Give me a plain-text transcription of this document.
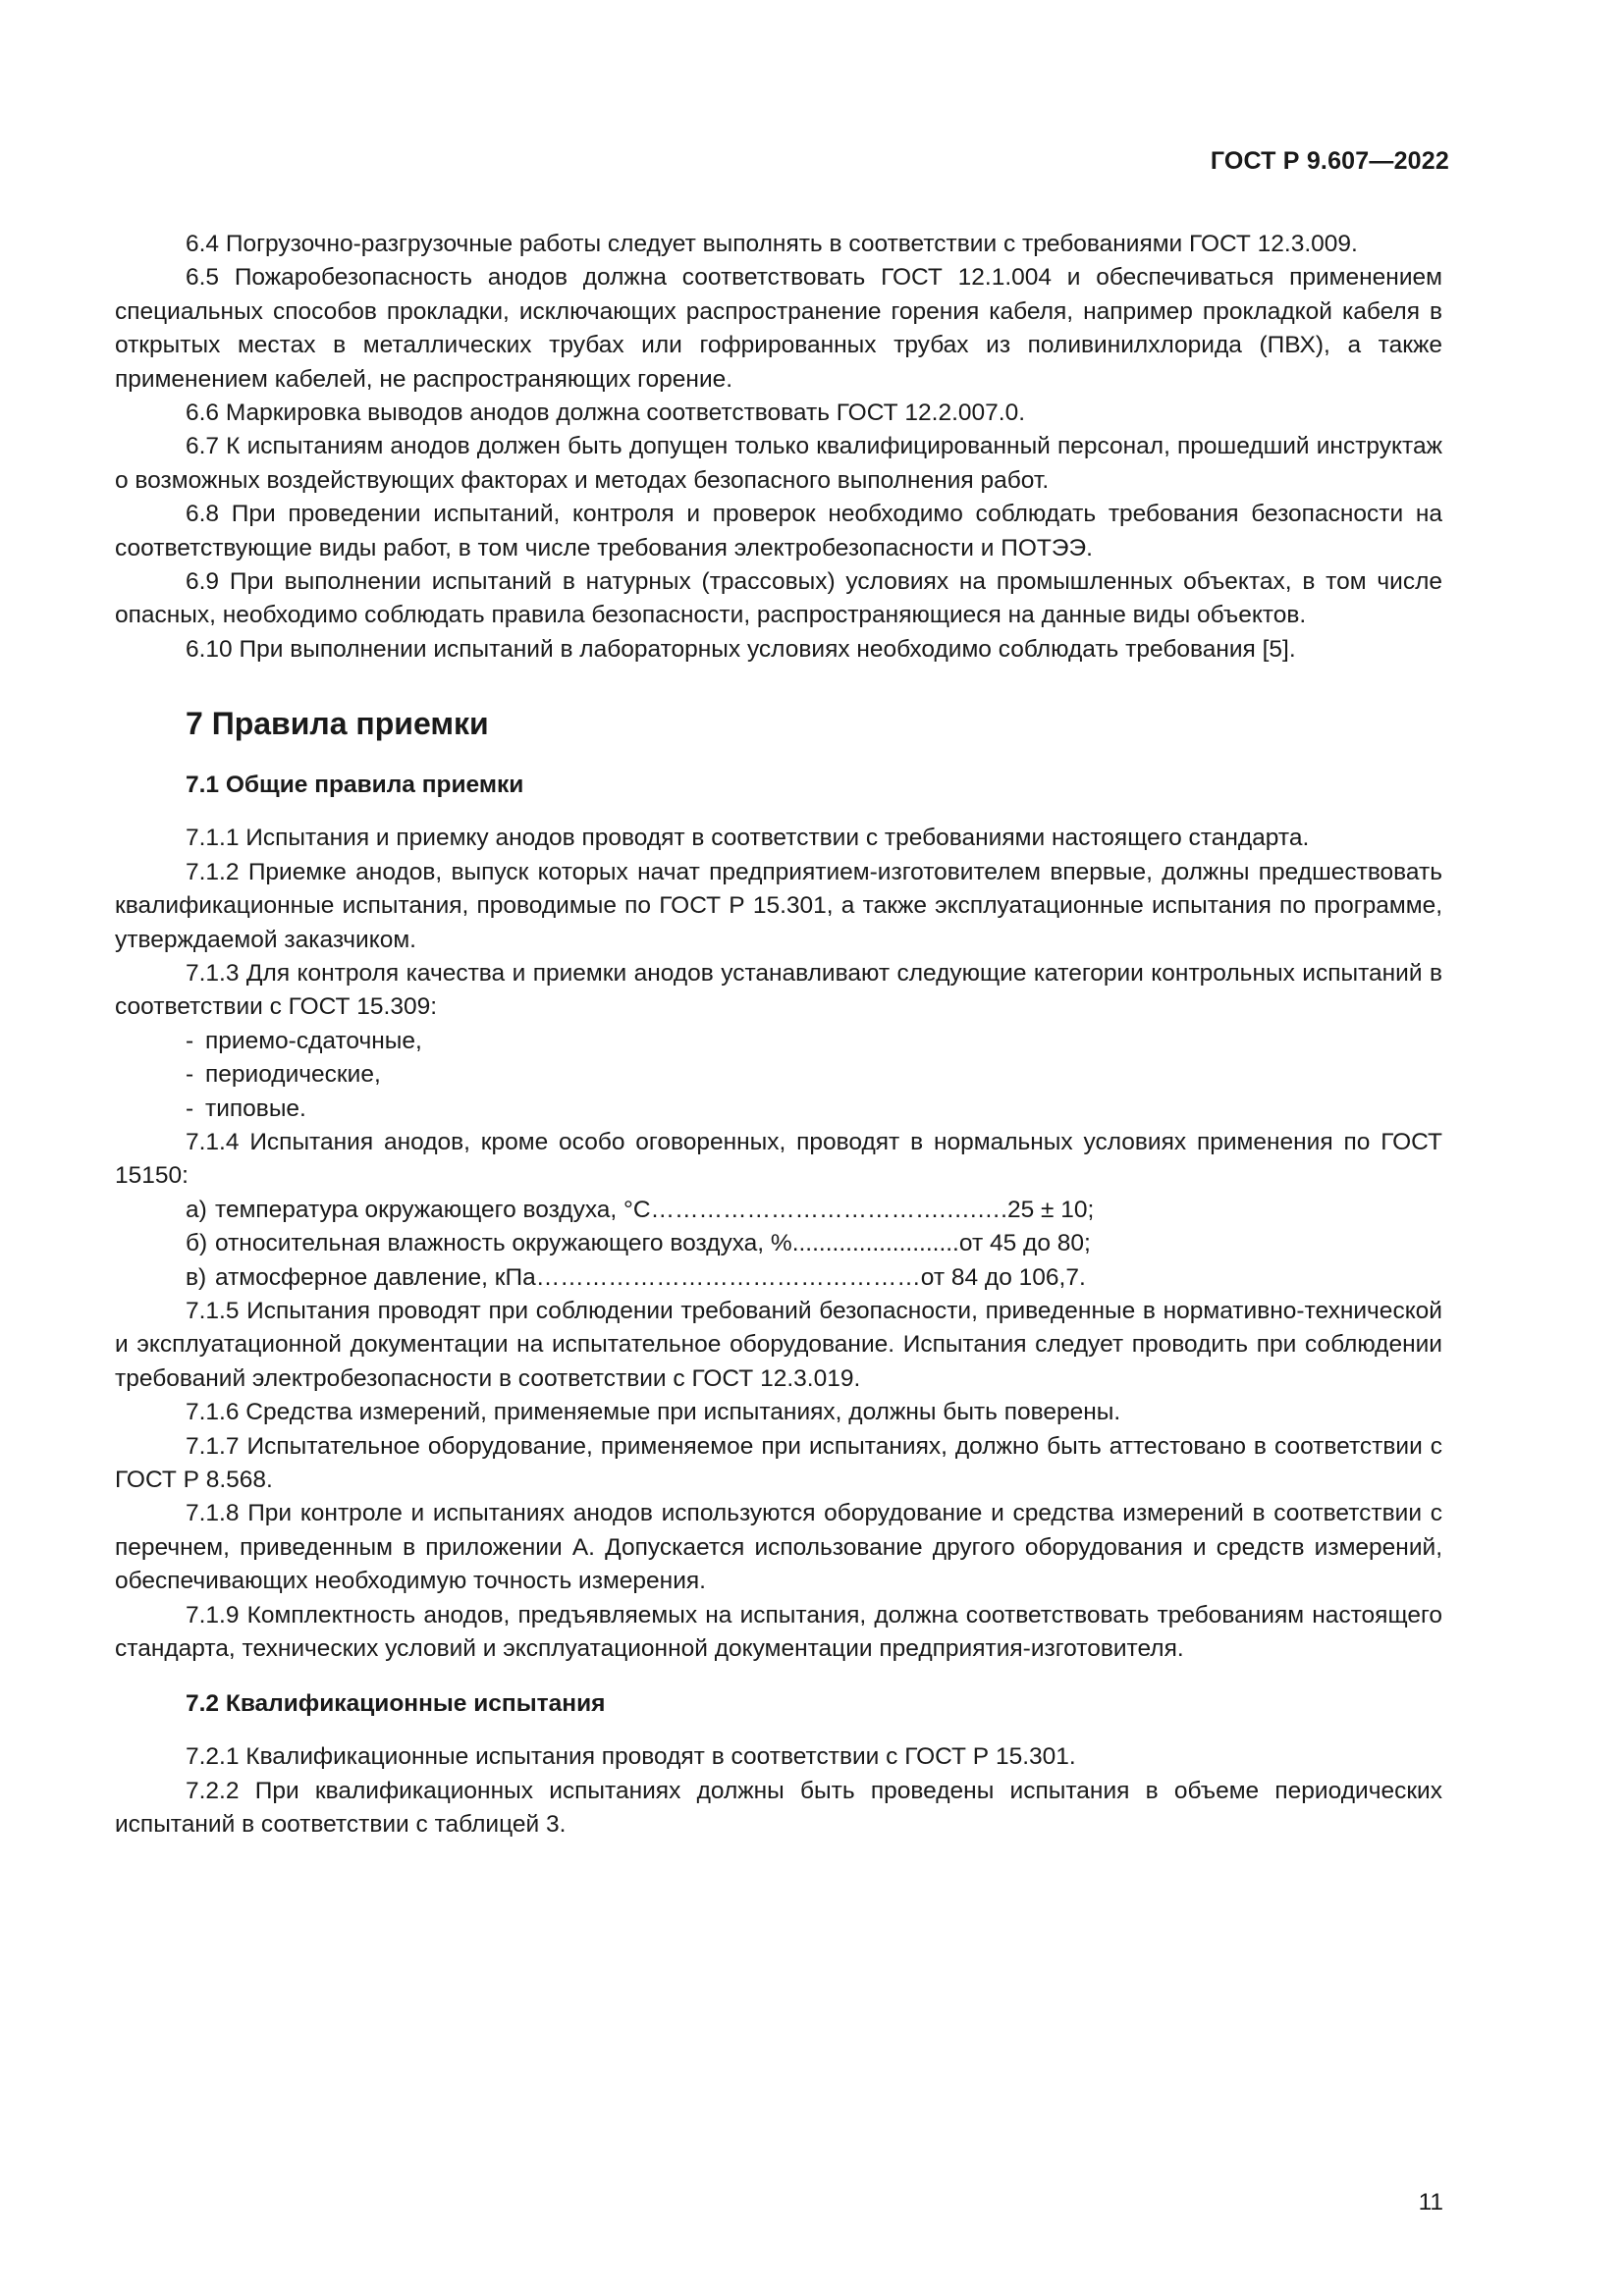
ГОСТ Р 9.607—2022

6.4 Погрузочно-разгрузочные работы следует выполнять в соответствии с требованиями ГОСТ 12.3.009.

6.5 Пожаробезопасность анодов должна соответствовать ГОСТ 12.1.004 и обеспечиваться применением специальных способов прокладки, исключающих распространение горения кабеля, например прокладкой кабеля в открытых местах в металлических трубах или гофрированных трубах из поливинилхлорида (ПВХ), а также применением кабелей, не распространяющих горение.

6.6 Маркировка выводов анодов должна соответствовать ГОСТ 12.2.007.0.

6.7 К испытаниям анодов должен быть допущен только квалифицированный персонал, прошедший инструктаж о возможных воздействующих факторах и методах безопасного выполнения работ.

6.8 При проведении испытаний, контроля и проверок необходимо соблюдать требования безопасности на соответствующие виды работ, в том числе требования электробезопасности и ПОТЭЭ.

6.9 При выполнении испытаний в натурных (трассовых) условиях на промышленных объектах, в том числе опасных, необходимо соблюдать правила безопасности, распространяющиеся на данные виды объектов.

6.10 При выполнении испытаний в лабораторных условиях необходимо соблюдать требования [5].

7 Правила приемки
7.1 Общие правила приемки

7.1.1 Испытания и приемку анодов проводят в соответствии с требованиями настоящего стандарта.

7.1.2 Приемке анодов, выпуск которых начат предприятием-изготовителем впервые, должны предшествовать квалификационные испытания, проводимые по ГОСТ Р 15.301, а также эксплуатационные испытания по программе, утверждаемой заказчиком.

7.1.3 Для контроля качества и приемки анодов устанавливают следующие категории контрольных испытаний в соответствии с ГОСТ 15.309:

- приемо-сдаточные,
- периодические,
- типовые.

7.1.4 Испытания анодов, кроме особо оговоренных, проводят в нормальных условиях применения по ГОСТ 15150:

а) температура окружающего воздуха, °С……………………………….….….25 ± 10;
б) относительная влажность окружающего воздуха, %.........................от 45 до 80;
в) атмосферное давление, кПа…………………………………………от 84 до 106,7.

7.1.5 Испытания проводят при соблюдении требований безопасности, приведенные в нормативно-технической и эксплуатационной документации на испытательное оборудование. Испытания следует проводить при соблюдении требований электробезопасности в соответствии с ГОСТ 12.3.019.

7.1.6 Средства измерений, применяемые при испытаниях, должны быть поверены.

7.1.7 Испытательное оборудование, применяемое при испытаниях, должно быть аттестовано в соответствии с ГОСТ Р 8.568.

7.1.8 При контроле и испытаниях анодов используются оборудование и средства измерений в соответствии с перечнем, приведенным в приложении А. Допускается использование другого оборудования и средств измерений, обеспечивающих необходимую точность измерения.

7.1.9 Комплектность анодов, предъявляемых на испытания, должна соответствовать требованиям настоящего стандарта, технических условий и эксплуатационной документации предприятия-изготовителя.

7.2 Квалификационные испытания

7.2.1 Квалификационные испытания проводят в соответствии с ГОСТ Р 15.301.

7.2.2 При квалификационных испытаниях должны быть проведены испытания в объеме периодических испытаний в соответствии с таблицей 3.

11
